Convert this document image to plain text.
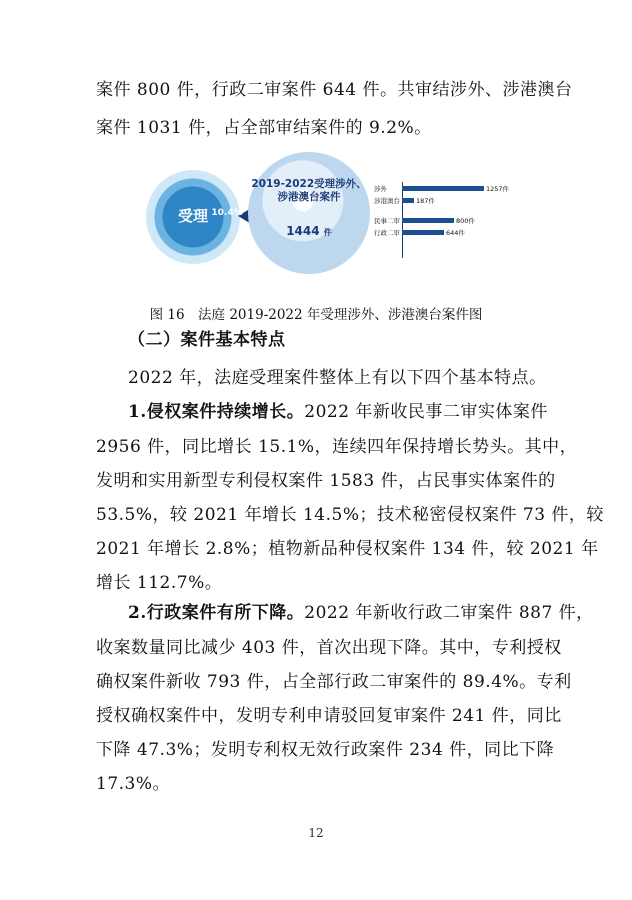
案件 800 件，行政二审案件 644 件。共审结涉外、涉港澳台
案件 1031 件，占全部审结案件的 9.2%。
受理 10.4%
2019-2022受理涉外、涉港澳台案件
1444 件
涉外	1257件
涉港澳台 187件
民事二审	800件
行政二审	644件
图 16　法庭 2019-2022 年受理涉外、涉港澳台案件图
（二）案件基本特点
2022 年，法庭受理案件整体上有以下四个基本特点。
1.侵权案件持续增长。2022 年新收民事二审实体案件
2956 件，同比增长 15.1%，连续四年保持增长势头。其中，
发明和实用新型专利侵权案件 1583 件，占民事实体案件的
53.5%，较 2021 年增长 14.5%；技术秘密侵权案件 73 件，较
2021 年增长 2.8%；植物新品种侵权案件 134 件，较 2021 年
增长 112.7%。
2.行政案件有所下降。2022 年新收行政二审案件 887 件，
收案数量同比减少 403 件，首次出现下降。其中，专利授权
确权案件新收 793 件，占全部行政二审案件的 89.4%。专利
授权确权案件中，发明专利申请驳回复审案件 241 件，同比
下降 47.3%；发明专利权无效行政案件 234 件，同比下降
17.3%。
12
